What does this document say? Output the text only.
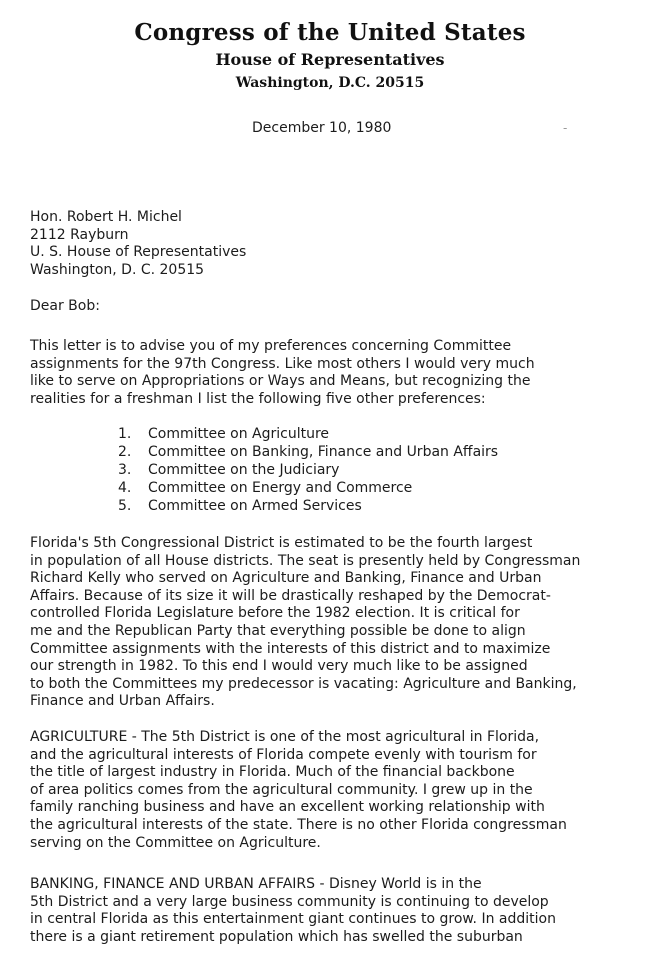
Congress of the United States
House of Representatives
Washington, D.C. 20515
December 10, 1980	-
Hon. Robert H. Michel
2112 Rayburn
U. S. House of Representatives
Washington, D. C. 20515
Dear Bob:
This letter is to advise you of my preferences concerning Committee
assignments for the 97th Congress. Like most others I would very much
like to serve on Appropriations or Ways and Means, but recognizing the
realities for a freshman I list the following five other preferences:
1.	Committee on Agriculture
2.	Committee on Banking, Finance and Urban Affairs
3.	Committee on the Judiciary
4.	Committee on Energy and Commerce
5.	Committee on Armed Services
Florida's 5th Congressional District is estimated to be the fourth largest
in population of all House districts. The seat is presently held by Congressman
Richard Kelly who served on Agriculture and Banking, Finance and Urban
Affairs. Because of its size it will be drastically reshaped by the Democrat-
controlled Florida Legislature before the 1982 election. It is critical for
me and the Republican Party that everything possible be done to align
Committee assignments with the interests of this district and to maximize
our strength in 1982. To this end I would very much like to be assigned
to both the Committees my predecessor is vacating: Agriculture and Banking,
Finance and Urban Affairs.
AGRICULTURE - The 5th District is one of the most agricultural in Florida,
and the agricultural interests of Florida compete evenly with tourism for
the title of largest industry in Florida. Much of the financial backbone
of area politics comes from the agricultural community. I grew up in the
family ranching business and have an excellent working relationship with
the agricultural interests of the state. There is no other Florida congressman
serving on the Committee on Agriculture.
BANKING, FINANCE AND URBAN AFFAIRS - Disney World is in the
5th District and a very large business community is continuing to develop
in central Florida as this entertainment giant continues to grow. In addition
there is a giant retirement population which has swelled the suburban
